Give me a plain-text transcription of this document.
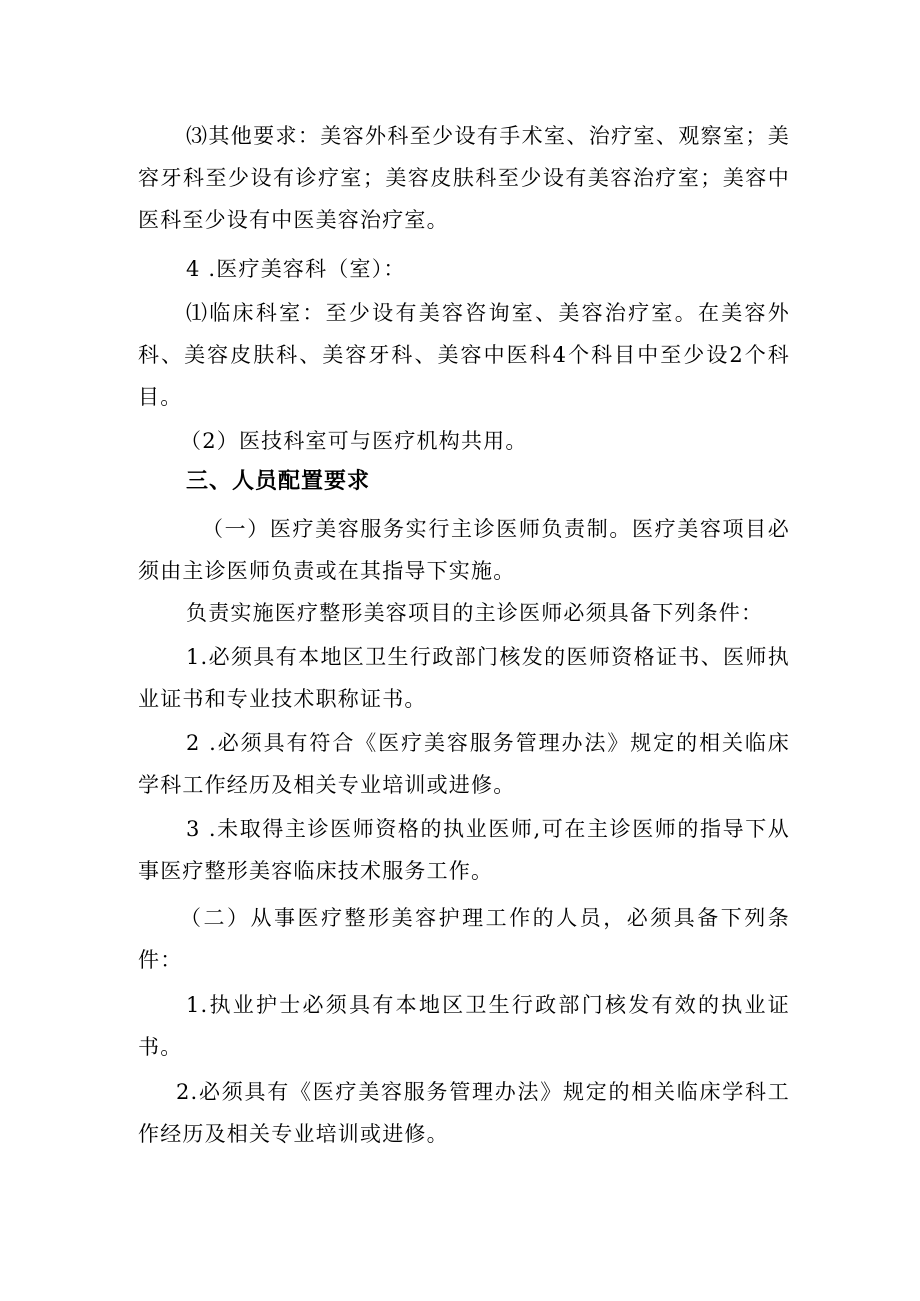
⑶其他要求：美容外科至少设有手术室、治疗室、观察室；美容牙科至少设有诊疗室；美容皮肤科至少设有美容治疗室；美容中医科至少设有中医美容治疗室。
4 .医疗美容科（室）：
⑴临床科室：至少设有美容咨询室、美容治疗室。在美容外科、美容皮肤科、美容牙科、美容中医科4个科目中至少设2个科目。
（2）医技科室可与医疗机构共用。
三、人员配置要求
（一）医疗美容服务实行主诊医师负责制。医疗美容项目必须由主诊医师负责或在其指导下实施。
负责实施医疗整形美容项目的主诊医师必须具备下列条件：
1.必须具有本地区卫生行政部门核发的医师资格证书、医师执业证书和专业技术职称证书。
2 .必须具有符合《医疗美容服务管理办法》规定的相关临床学科工作经历及相关专业培训或进修。
3 .未取得主诊医师资格的执业医师,可在主诊医师的指导下从事医疗整形美容临床技术服务工作。
（二）从事医疗整形美容护理工作的人员，必须具备下列条件：
1.执业护士必须具有本地区卫生行政部门核发有效的执业证书。
2.必须具有《医疗美容服务管理办法》规定的相关临床学科工作经历及相关专业培训或进修。
